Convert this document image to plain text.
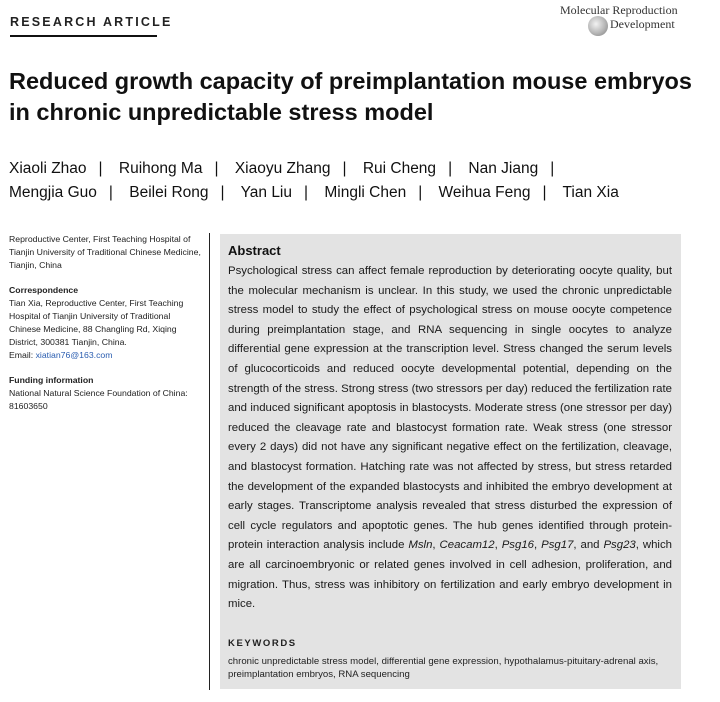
RESEARCH ARTICLE
Molecular Reproduction
Development
Reduced growth capacity of preimplantation mouse embryos in chronic unpredictable stress model

Xiaoli Zhao | Ruihong Ma | Xiaoyu Zhang | Rui Cheng | Nan Jiang |
Mengjia Guo | Beilei Rong | Yan Liu | Mingli Chen | Weihua Feng | Tian Xia

Reproductive Center, First Teaching Hospital of Tianjin University of Traditional Chinese Medicine, Tianjin, China

Correspondence

Tian Xia, Reproductive Center, First Teaching Hospital of Tianjin University of Traditional Chinese Medicine, 88 Changling Rd, Xiqing District, 300381 Tianjin, China.
Email: xiatian76@163.com

Funding information

National Natural Science Foundation of China: 81603650

Abstract

Psychological stress can affect female reproduction by deteriorating oocyte quality, but the molecular mechanism is unclear. In this study, we used the chronic unpredictable stress model to study the effect of psychological stress on mouse oocyte competence during preimplantation stage, and RNA sequencing in single oocytes to analyze differential gene expression at the transcription level. Stress changed the serum levels of glucocorticoids and reduced oocyte developmental potential, depending on the strength of the stress. Strong stress (two stressors per day) reduced the fertilization rate and induced significant apoptosis in blastocysts. Moderate stress (one stressor per day) reduced the cleavage rate and blastocyst formation rate. Weak stress (one stressor every 2 days) did not have any significant negative effect on the fertilization, cleavage, and blastocyst formation. Hatching rate was not affected by stress, but stress retarded the development of the expanded blastocysts and inhibited the embryo development at early stages. Transcriptome analysis revealed that stress disturbed the expression of cell cycle regulators and apoptotic genes. The hub genes identified through protein-protein interaction analysis include Msln, Ceacam12, Psg16, Psg17, and Psg23, which are all carcinoembryonic or related genes involved in cell adhesion, proliferation, and migration. Thus, stress was inhibitory on fertilization and early embryo development in mice.

KEYWORDS

chronic unpredictable stress model, differential gene expression, hypothalamus-pituitary-adrenal axis, preimplantation embryos, RNA sequencing
